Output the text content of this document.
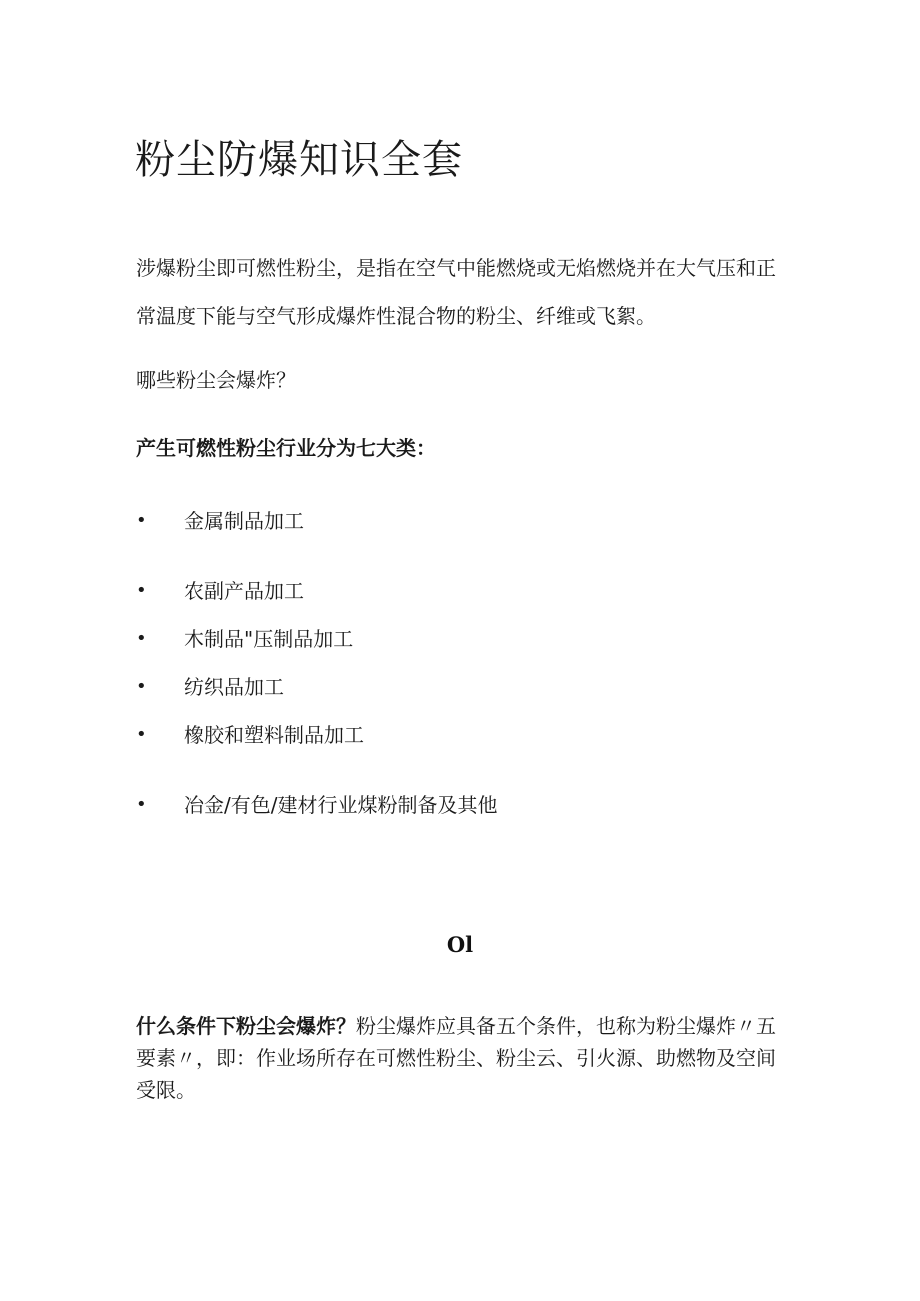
粉尘防爆知识全套
涉爆粉尘即可燃性粉尘，是指在空气中能燃烧或无焰燃烧并在大气压和正常温度下能与空气形成爆炸性混合物的粉尘、纤维或飞絮。
哪些粉尘会爆炸？
产生可燃性粉尘行业分为七大类：
• 金属制品加工
• 农副产品加工
• 木制品"压制品加工
• 纺织品加工
• 橡胶和塑料制品加工
• 冶金/有色/建材行业煤粉制备及其他
Ol
什么条件下粉尘会爆炸？粉尘爆炸应具备五个条件，也称为粉尘爆炸〃五要素〃，即：作业场所存在可燃性粉尘、粉尘云、引火源、助燃物及空间受限。
